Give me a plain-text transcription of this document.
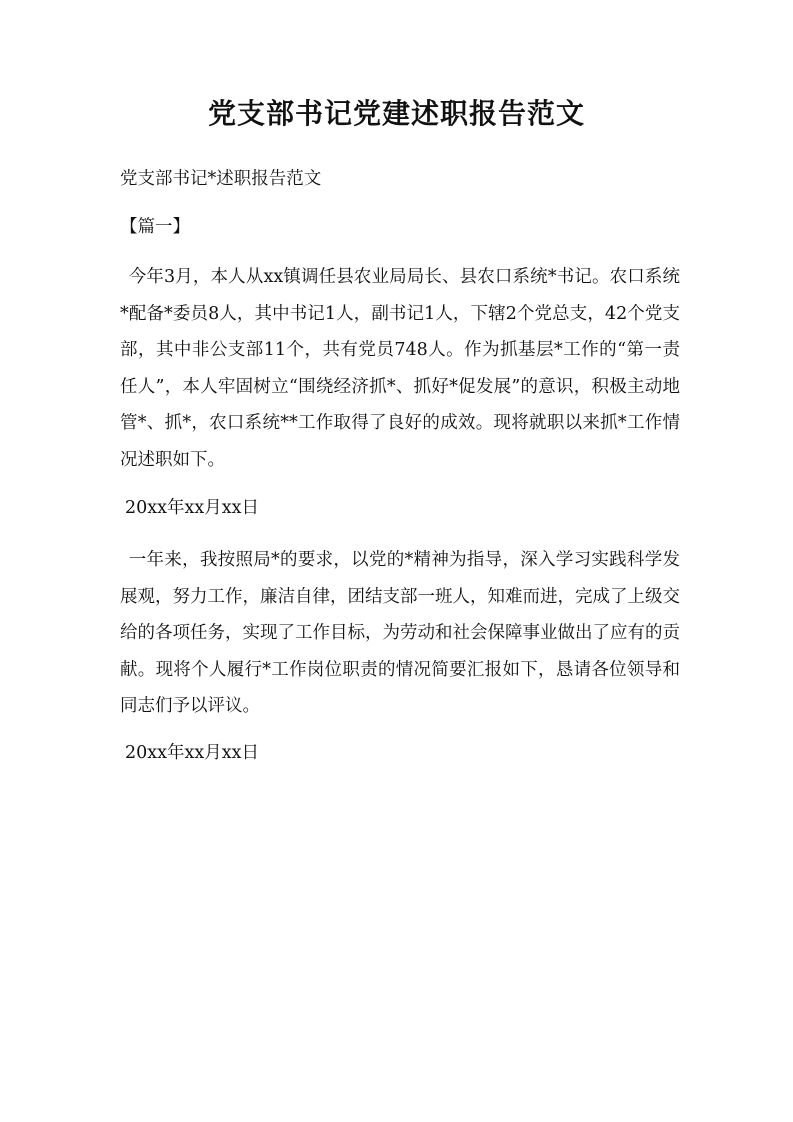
党支部书记党建述职报告范文
党支部书记*述职报告范文
【篇一】
今年3月，本人从xx镇调任县农业局局长、县农口系统*书记。农口系统*配备*委员8人，其中书记1人，副书记1人，下辖2个党总支，42个党支部，其中非公支部11个，共有党员748人。作为抓基层*工作的“第一责任人”，本人牢固树立“围绕经济抓*、抓好*促发展”的意识，积极主动地管*、抓*，农口系统**工作取得了良好的成效。现将就职以来抓*工作情况述职如下。
20xx年xx月xx日
一年来，我按照局*的要求，以党的*精神为指导，深入学习实践科学发展观，努力工作，廉洁自律，团结支部一班人，知难而进，完成了上级交给的各项任务，实现了工作目标，为劳动和社会保障事业做出了应有的贡献。现将个人履行*工作岗位职责的情况简要汇报如下，恳请各位领导和同志们予以评议。
20xx年xx月xx日
